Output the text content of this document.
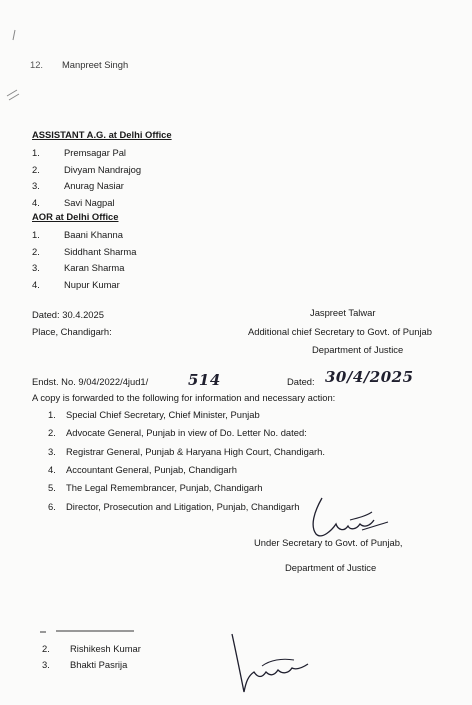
12. Manpreet Singh
ASSISTANT A.G. at Delhi Office
1.	Premsagar Pal
2.	Divyam Nandrajog
3.	Anurag Nasiar
4.	Savi Nagpal
AOR at Delhi Office
1.	Baani Khanna
2.	Siddhant Sharma
3.	Karan Sharma
4.	Nupur Kumar
Dated: 30.4.2025
Place, Chandigarh:
Jaspreet Talwar
Additional chief Secretary to Govt. of Punjab
Department of Justice
Endst. No. 9/04/2022/4jud1/	514	Dated: 30/4/2025
A copy is forwarded to the following for information and necessary action:
1. Special Chief Secretary, Chief Minister, Punjab
2. Advocate General, Punjab in view of Do. Letter No. dated:
3. Registrar General, Punjab & Haryana High Court, Chandigarh.
4. Accountant General, Punjab, Chandigarh
5. The Legal Remembrancer, Punjab, Chandigarh
6. Director, Prosecution and Litigation, Punjab, Chandigarh
Under Secretary to Govt. of Punjab,
Department of Justice
2. Rishikesh Kumar
3. Bhakti Pasrija
